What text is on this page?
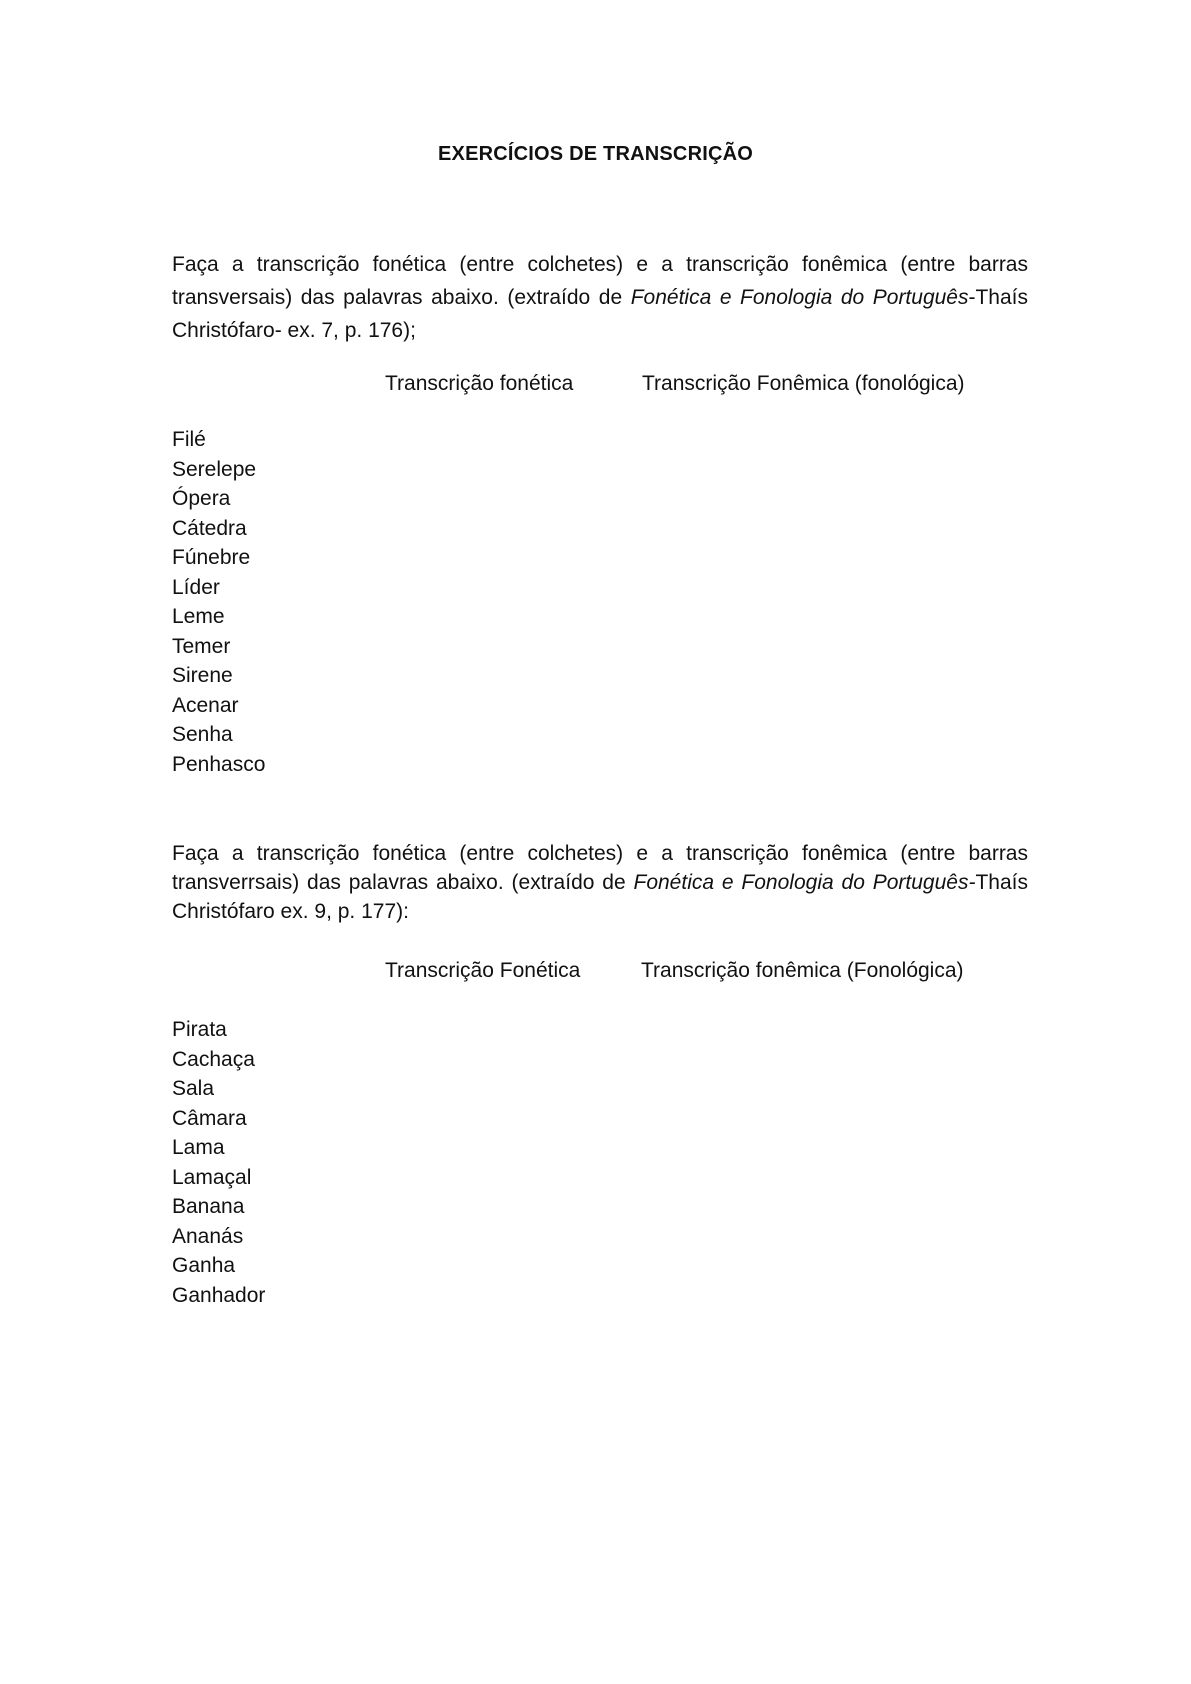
EXERCÍCIOS DE TRANSCRIÇÃO

Faça a transcrição fonética (entre colchetes) e a transcrição fonêmica (entre barras transversais) das palavras abaixo. (extraído de Fonética e Fonologia do Português-Thaís Christófaro- ex. 7, p. 176);

Transcrição fonética	Transcrição Fonêmica (fonológica)
Filé
Serelepe
Ópera
Cátedra
Fúnebre
Líder
Leme
Temer
Sirene
Acenar
Senha
Penhasco

Faça a transcrição fonética (entre colchetes) e a transcrição fonêmica (entre barras transverrsais) das palavras abaixo. (extraído de Fonética e Fonologia do Português-Thaís Christófaro ex. 9, p. 177):

Transcrição Fonética	Transcrição fonêmica (Fonológica)
Pirata
Cachaça
Sala
Câmara
Lama
Lamaçal
Banana
Ananás
Ganha
Ganhador
